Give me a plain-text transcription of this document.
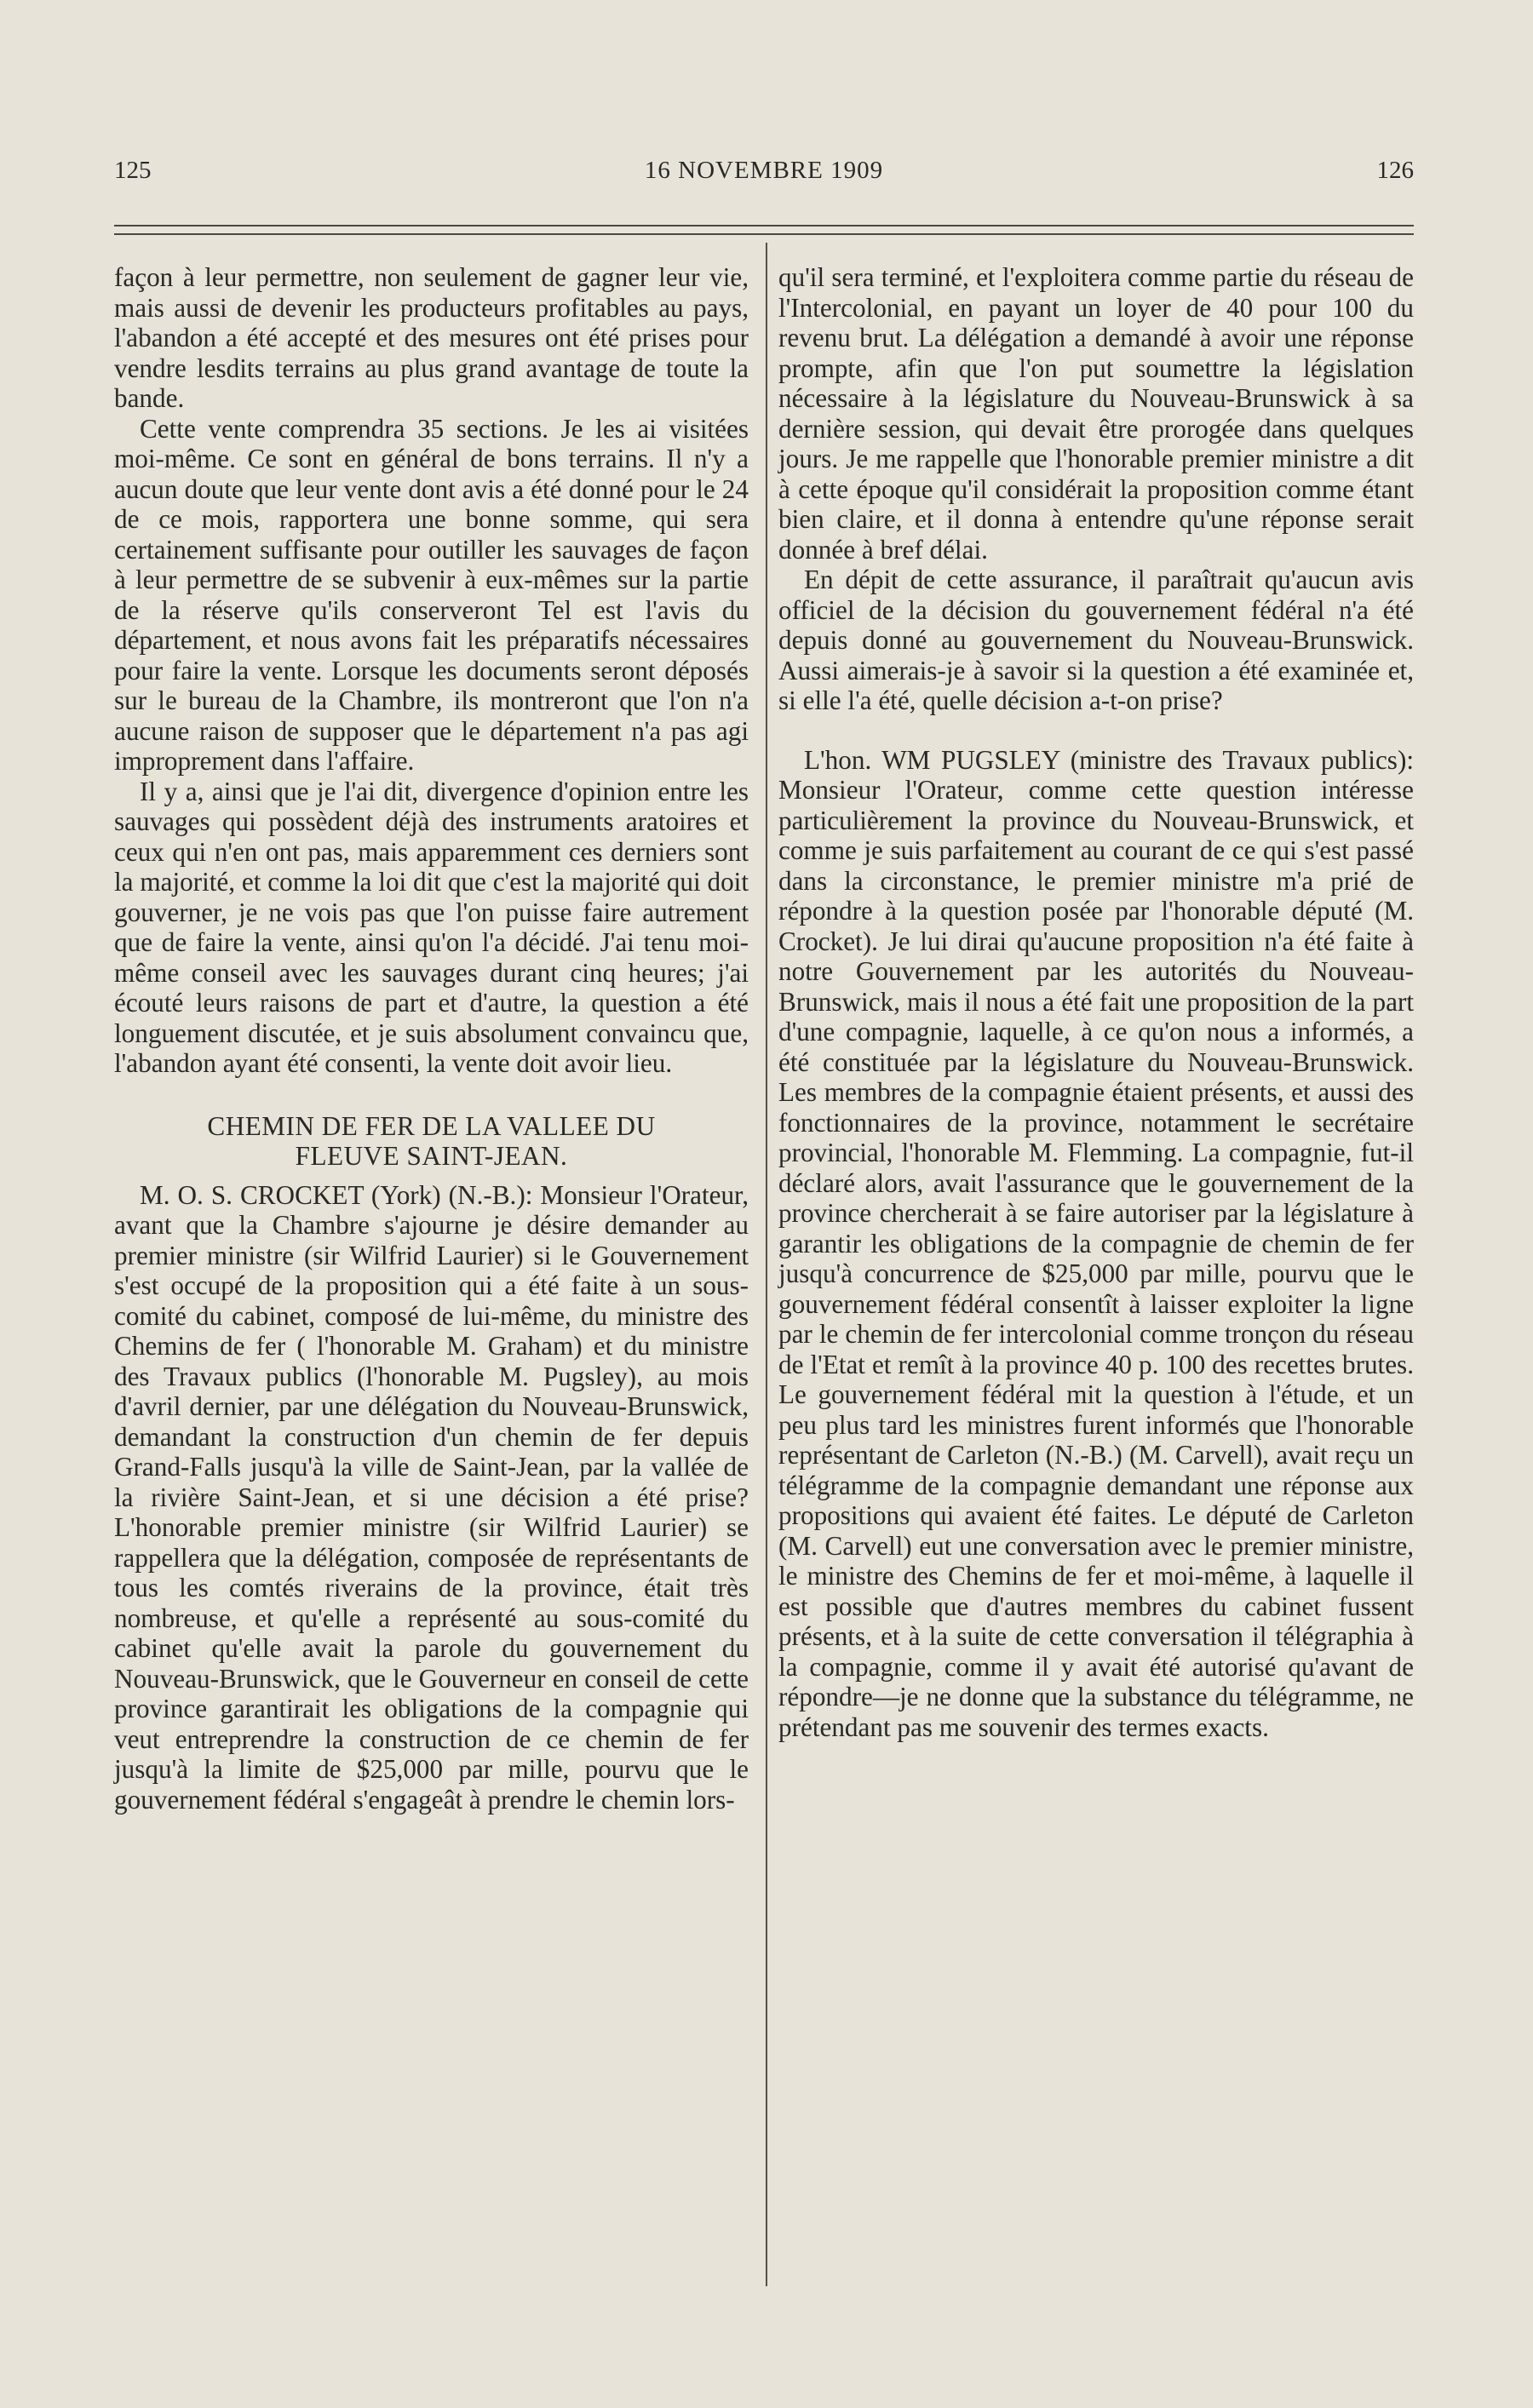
125	16 NOVEMBRE 1909	126

façon à leur permettre, non seulement de gagner leur vie, mais aussi de devenir les producteurs profitables au pays, l'abandon a été accepté et des mesures ont été prises pour vendre lesdits terrains au plus grand avantage de toute la bande.

Cette vente comprendra 35 sections. Je les ai visitées moi-même. Ce sont en général de bons terrains. Il n'y a aucun doute que leur vente dont avis a été donné pour le 24 de ce mois, rapportera une bonne somme, qui sera certainement suffisante pour outiller les sauvages de façon à leur permettre de se subvenir à eux-mêmes sur la partie de la réserve qu'ils conserveront Tel est l'avis du département, et nous avons fait les préparatifs nécessaires pour faire la vente. Lorsque les documents seront déposés sur le bureau de la Chambre, ils montreront que l'on n'a aucune raison de supposer que le département n'a pas agi improprement dans l'affaire.

Il y a, ainsi que je l'ai dit, divergence d'opinion entre les sauvages qui possèdent déjà des instruments aratoires et ceux qui n'en ont pas, mais apparemment ces derniers sont la majorité, et comme la loi dit que c'est la majorité qui doit gouverner, je ne vois pas que l'on puisse faire autrement que de faire la vente, ainsi qu'on l'a décidé. J'ai tenu moi-même conseil avec les sauvages durant cinq heures; j'ai écouté leurs raisons de part et d'autre, la question a été longuement discutée, et je suis absolument convaincu que, l'abandon ayant été consenti, la vente doit avoir lieu.

CHEMIN DE FER DE LA VALLEE DU
FLEUVE SAINT-JEAN.

M. O. S. CROCKET (York) (N.-B.): Monsieur l'Orateur, avant que la Chambre s'ajourne je désire demander au premier ministre (sir Wilfrid Laurier) si le Gouvernement s'est occupé de la proposition qui a été faite à un sous-comité du cabinet, composé de lui-même, du ministre des Chemins de fer ( l'honorable M. Graham) et du ministre des Travaux publics (l'honorable M. Pugsley), au mois d'avril dernier, par une délégation du Nouveau-Brunswick, demandant la construction d'un chemin de fer depuis Grand-Falls jusqu'à la ville de Saint-Jean, par la vallée de la rivière Saint-Jean, et si une décision a été prise? L'honorable premier ministre (sir Wilfrid Laurier) se rappellera que la délégation, composée de représentants de tous les comtés riverains de la province, était très nombreuse, et qu'elle a représenté au sous-comité du cabinet qu'elle avait la parole du gouvernement du Nouveau-Brunswick, que le Gouverneur en conseil de cette province garantirait les obligations de la compagnie qui veut entreprendre la construction de ce chemin de fer jusqu'à la limite de $25,000 par mille, pourvu que le gouvernement fédéral s'engageât à prendre le chemin lors-

qu'il sera terminé, et l'exploitera comme partie du réseau de l'Intercolonial, en payant un loyer de 40 pour 100 du revenu brut. La délégation a demandé à avoir une réponse prompte, afin que l'on put soumettre la législation nécessaire à la législature du Nouveau-Brunswick à sa dernière session, qui devait être prorogée dans quelques jours. Je me rappelle que l'honorable premier ministre a dit à cette époque qu'il considérait la proposition comme étant bien claire, et il donna à entendre qu'une réponse serait donnée à bref délai.

En dépit de cette assurance, il paraîtrait qu'aucun avis officiel de la décision du gouvernement fédéral n'a été depuis donné au gouvernement du Nouveau-Brunswick. Aussi aimerais-je à savoir si la question a été examinée et, si elle l'a été, quelle décision a-t-on prise?

L'hon. WM PUGSLEY (ministre des Travaux publics): Monsieur l'Orateur, comme cette question intéresse particulièrement la province du Nouveau-Brunswick, et comme je suis parfaitement au courant de ce qui s'est passé dans la circonstance, le premier ministre m'a prié de répondre à la question posée par l'honorable député (M. Crocket). Je lui dirai qu'aucune proposition n'a été faite à notre Gouvernement par les autorités du Nouveau-Brunswick, mais il nous a été fait une proposition de la part d'une compagnie, laquelle, à ce qu'on nous a informés, a été constituée par la législature du Nouveau-Brunswick. Les membres de la compagnie étaient présents, et aussi des fonctionnaires de la province, notamment le secrétaire provincial, l'honorable M. Flemming. La compagnie, fut-il déclaré alors, avait l'assurance que le gouvernement de la province chercherait à se faire autoriser par la législature à garantir les obligations de la compagnie de chemin de fer jusqu'à concurrence de $25,000 par mille, pourvu que le gouvernement fédéral consentît à laisser exploiter la ligne par le chemin de fer intercolonial comme tronçon du réseau de l'Etat et remît à la province 40 p. 100 des recettes brutes. Le gouvernement fédéral mit la question à l'étude, et un peu plus tard les ministres furent informés que l'honorable représentant de Carleton (N.-B.) (M. Carvell), avait reçu un télégramme de la compagnie demandant une réponse aux propositions qui avaient été faites. Le député de Carleton (M. Carvell) eut une conversation avec le premier ministre, le ministre des Chemins de fer et moi-même, à laquelle il est possible que d'autres membres du cabinet fussent présents, et à la suite de cette conversation il télégraphia à la compagnie, comme il y avait été autorisé qu'avant de répondre—je ne donne que la substance du télégramme, ne prétendant pas me souvenir des termes exacts.
